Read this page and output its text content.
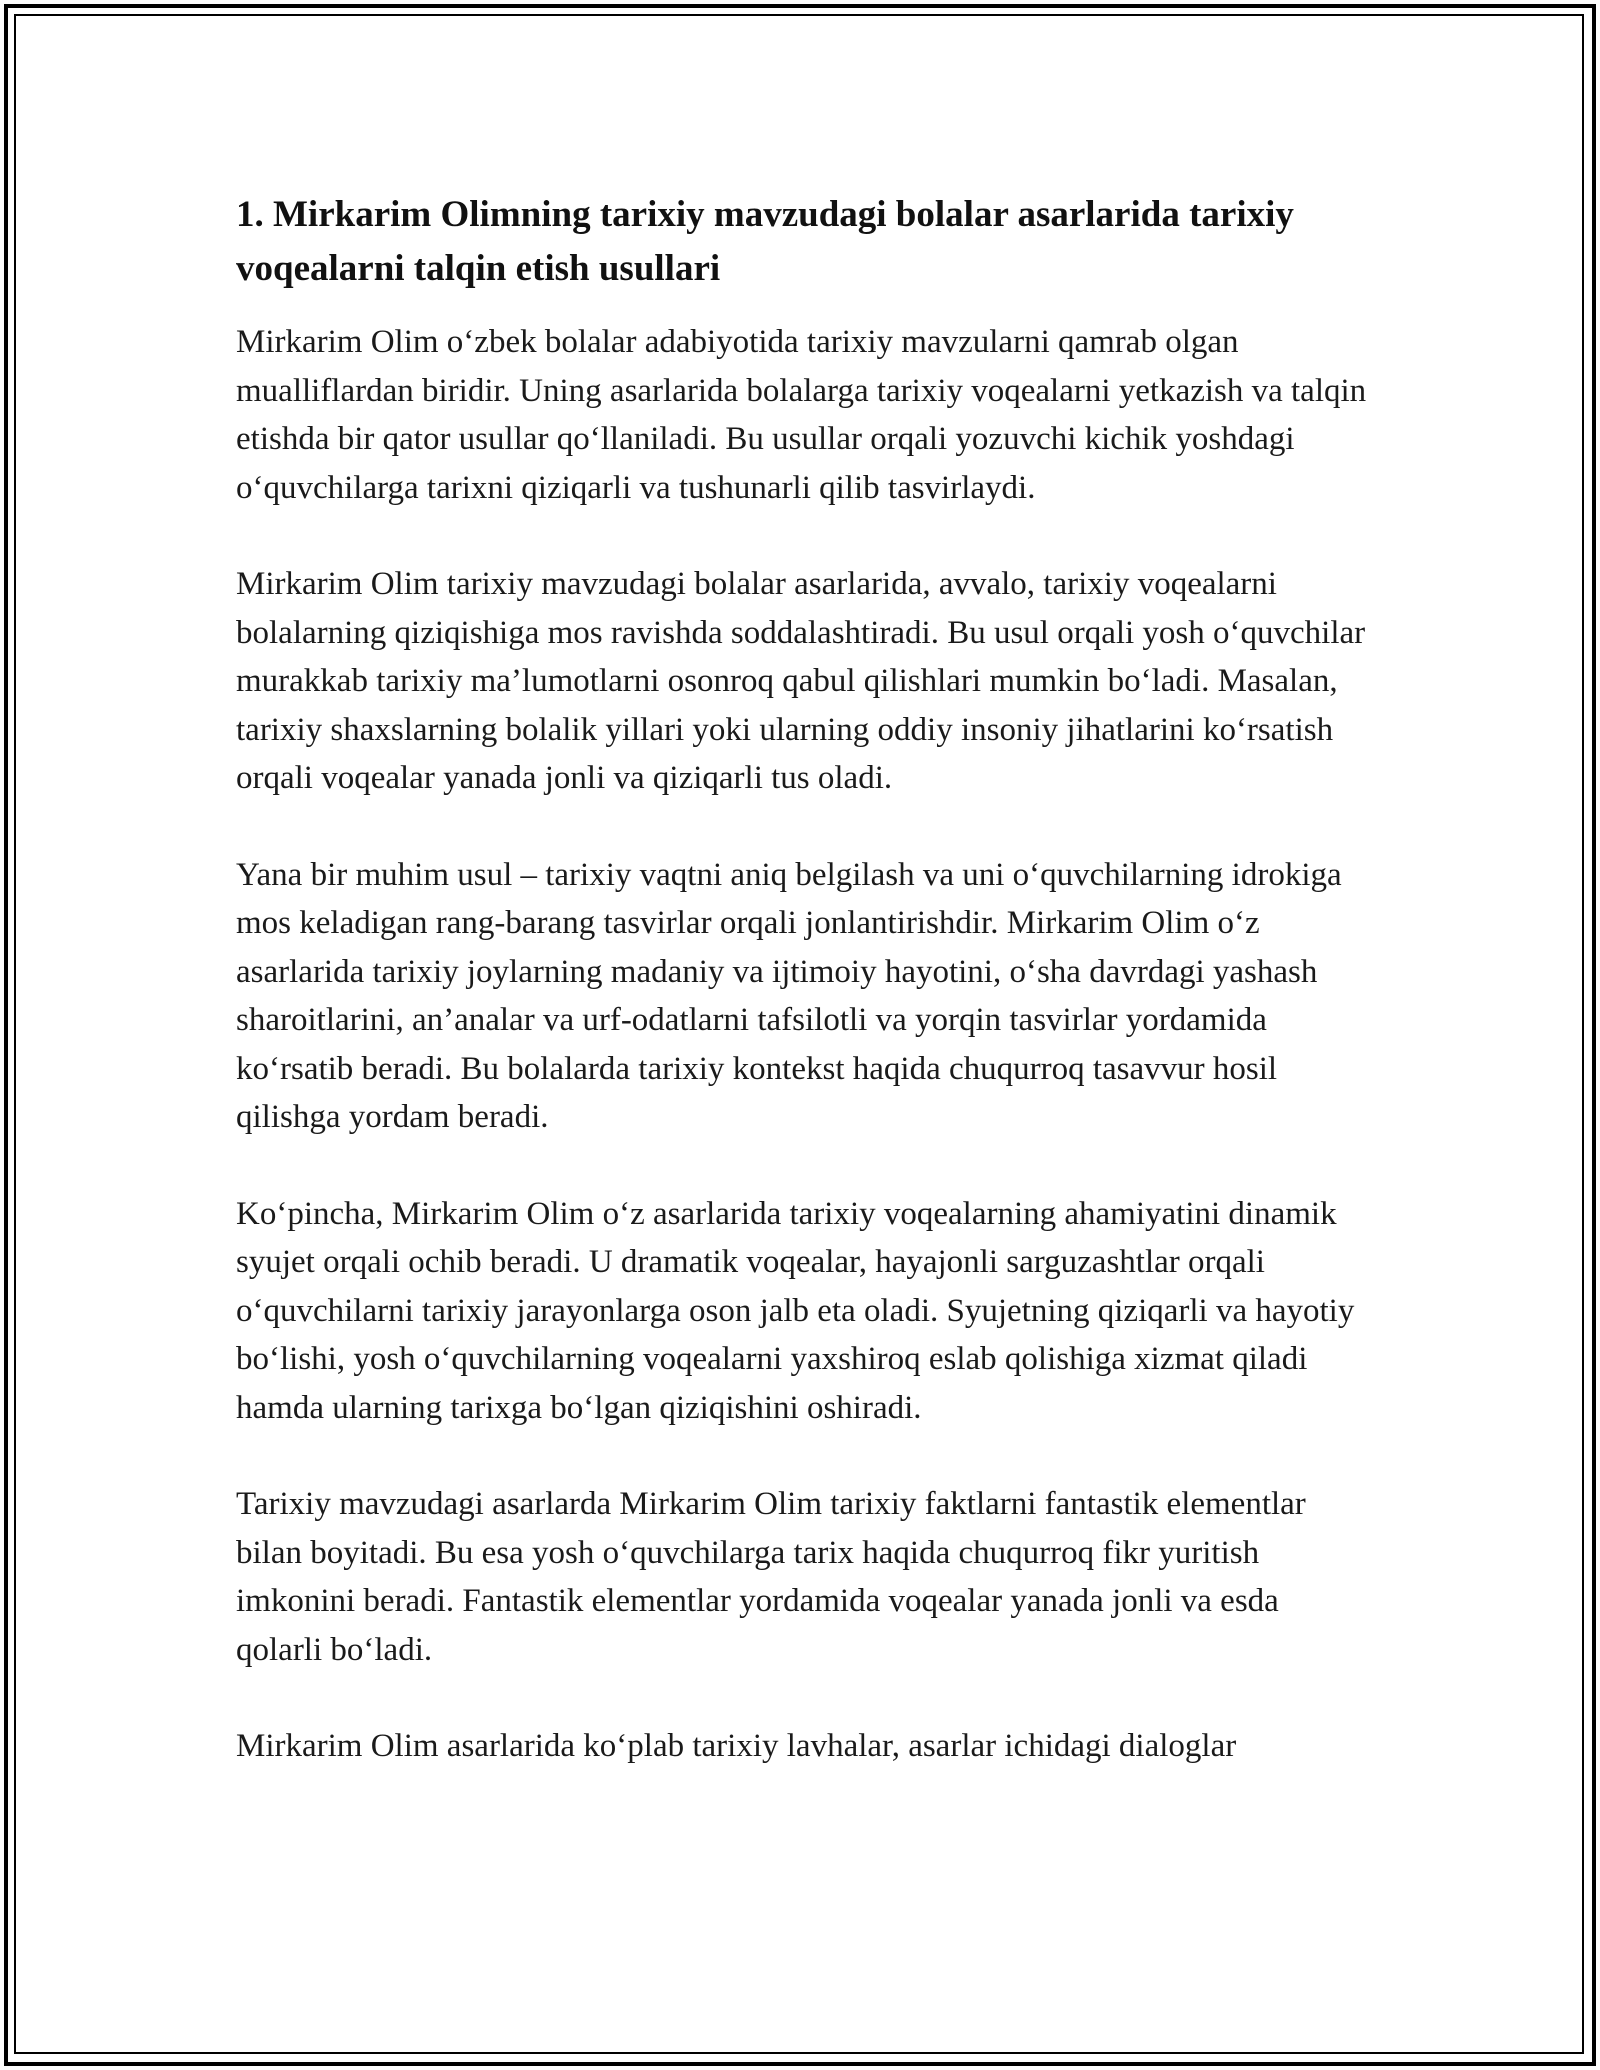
1. Mirkarim Olimning tarixiy mavzudagi bolalar asarlarida tarixiy voqealarni talqin etish usullari

Mirkarim Olim o‘zbek bolalar adabiyotida tarixiy mavzularni qamrab olgan mualliflardan biridir. Uning asarlarida bolalarga tarixiy voqealarni yetkazish va talqin etishda bir qator usullar qo‘llaniladi. Bu usullar orqali yozuvchi kichik yoshdagi o‘quvchilarga tarixni qiziqarli va tushunarli qilib tasvirlaydi.

Mirkarim Olim tarixiy mavzudagi bolalar asarlarida, avvalo, tarixiy voqealarni bolalarning qiziqishiga mos ravishda soddalashtiradi. Bu usul orqali yosh o‘quvchilar murakkab tarixiy ma’lumotlarni osonroq qabul qilishlari mumkin bo‘ladi. Masalan, tarixiy shaxslarning bolalik yillari yoki ularning oddiy insoniy jihatlarini ko‘rsatish orqali voqealar yanada jonli va qiziqarli tus oladi.

Yana bir muhim usul – tarixiy vaqtni aniq belgilash va uni o‘quvchilarning idrokiga mos keladigan rang-barang tasvirlar orqali jonlantirishdir. Mirkarim Olim o‘z asarlarida tarixiy joylarning madaniy va ijtimoiy hayotini, o‘sha davrdagi yashash sharoitlarini, an’analar va urf-odatlarni tafsilotli va yorqin tasvirlar yordamida ko‘rsatib beradi. Bu bolalarda tarixiy kontekst haqida chuqurroq tasavvur hosil qilishga yordam beradi.

Ko‘pincha, Mirkarim Olim o‘z asarlarida tarixiy voqealarning ahamiyatini dinamik syujet orqali ochib beradi. U dramatik voqealar, hayajonli sarguzashtlar orqali o‘quvchilarni tarixiy jarayonlarga oson jalb eta oladi. Syujetning qiziqarli va hayotiy bo‘lishi, yosh o‘quvchilarning voqealarni yaxshiroq eslab qolishiga xizmat qiladi hamda ularning tarixga bo‘lgan qiziqishini oshiradi.

Tarixiy mavzudagi asarlarda Mirkarim Olim tarixiy faktlarni fantastik elementlar bilan boyitadi. Bu esa yosh o‘quvchilarga tarix haqida chuqurroq fikr yuritish imkonini beradi. Fantastik elementlar yordamida voqealar yanada jonli va esda qolarli bo‘ladi.

Mirkarim Olim asarlarida ko‘plab tarixiy lavhalar, asarlar ichidagi dialoglar
